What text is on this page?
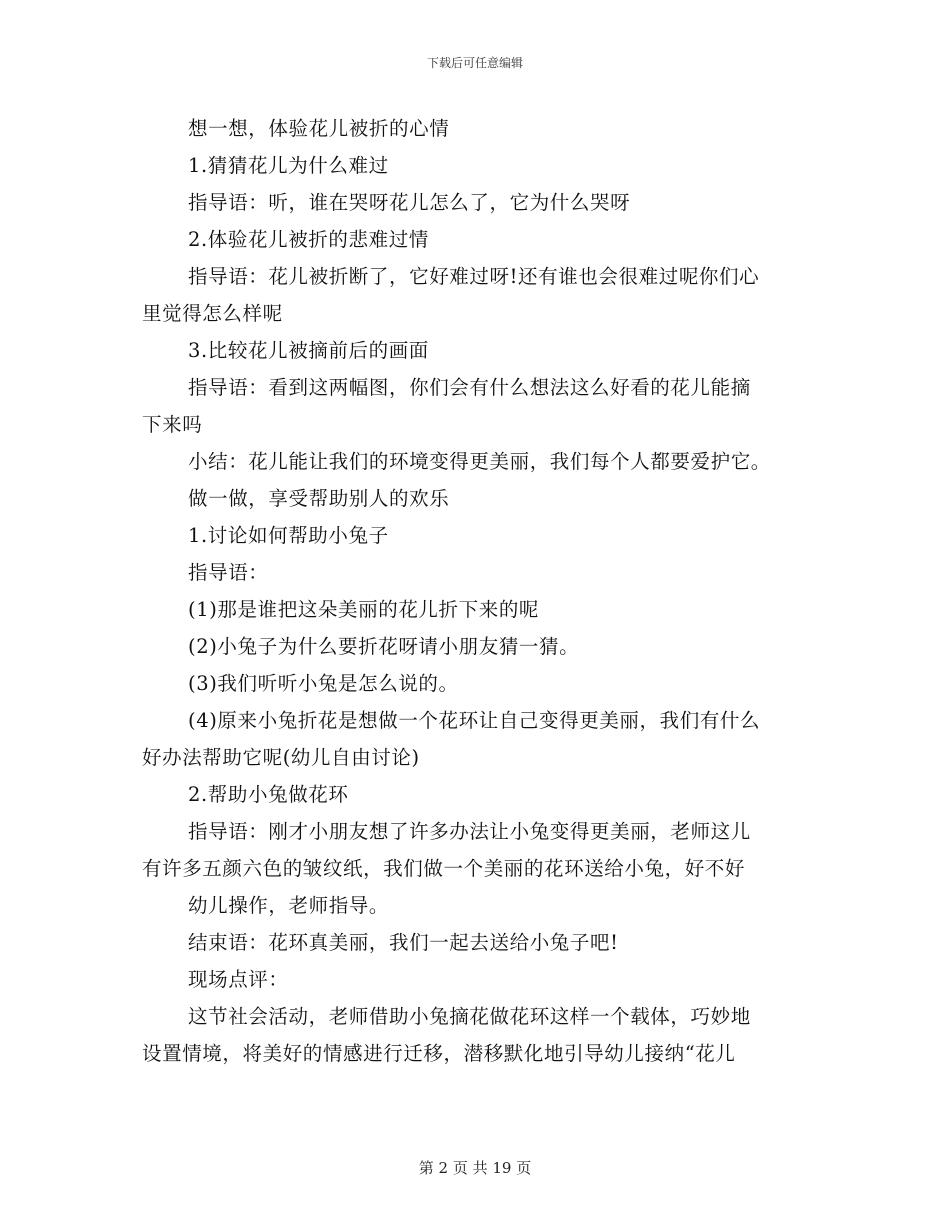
下载后可任意编辑
想一想，体验花儿被折的心情
1.猜猜花儿为什么难过
指导语：听，谁在哭呀花儿怎么了，它为什么哭呀
2.体验花儿被折的悲难过情
指导语：花儿被折断了，它好难过呀!还有谁也会很难过呢你们心
里觉得怎么样呢
3.比较花儿被摘前后的画面
指导语：看到这两幅图，你们会有什么想法这么好看的花儿能摘
下来吗
小结：花儿能让我们的环境变得更美丽，我们每个人都要爱护它。
做一做，享受帮助别人的欢乐
1.讨论如何帮助小兔子
指导语：
(1)那是谁把这朵美丽的花儿折下来的呢
(2)小兔子为什么要折花呀请小朋友猜一猜。
(3)我们听听小兔是怎么说的。
(4)原来小兔折花是想做一个花环让自己变得更美丽，我们有什么
好办法帮助它呢(幼儿自由讨论)
2.帮助小兔做花环
指导语：刚才小朋友想了许多办法让小兔变得更美丽，老师这儿
有许多五颜六色的皱纹纸，我们做一个美丽的花环送给小兔，好不好
幼儿操作，老师指导。
结束语：花环真美丽，我们一起去送给小兔子吧!
现场点评：
这节社会活动，老师借助小兔摘花做花环这样一个载体，巧妙地
设置情境，将美好的情感进行迁移，潜移默化地引导幼儿接纳“花儿
第 2 页 共 19 页
